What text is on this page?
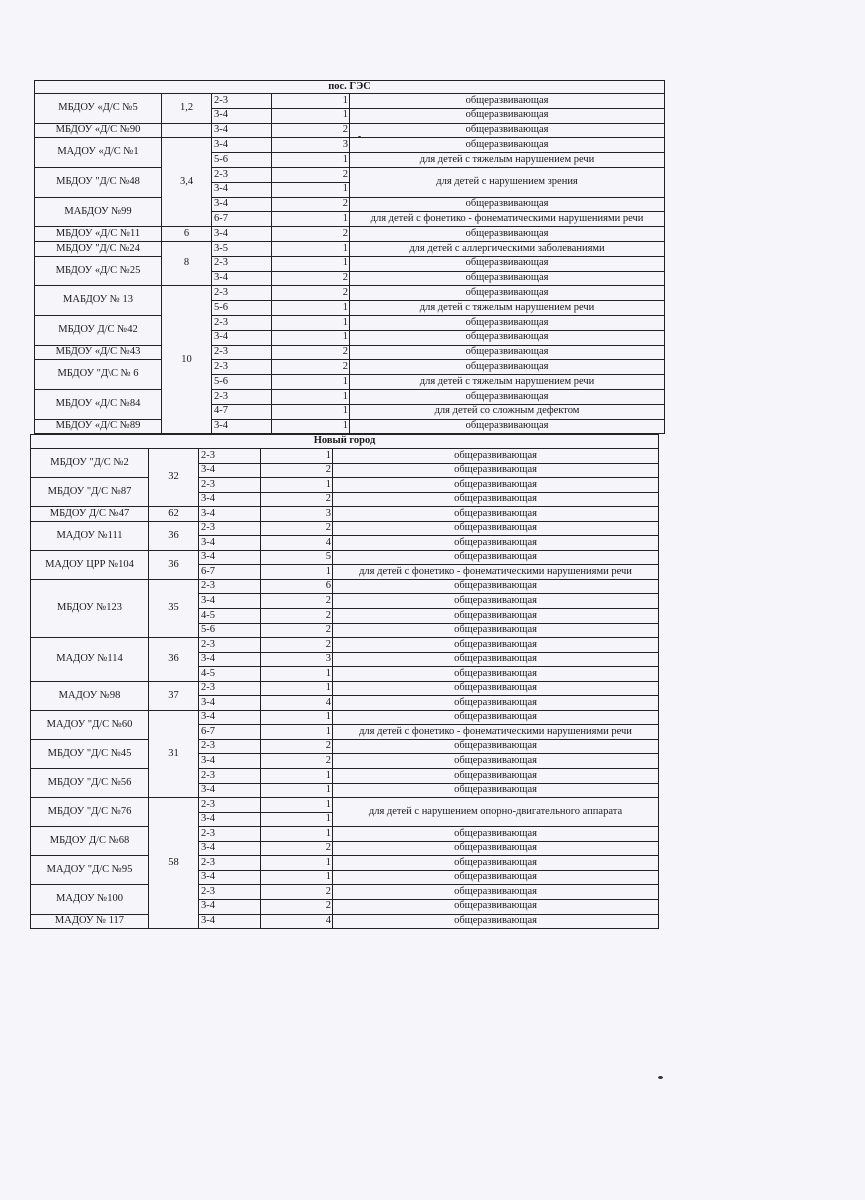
пос. ГЭС				
МБДОУ «Д/С №5	1,2	2-3	1	общеразвивающая
		3-4	1	общеразвивающая
МБДОУ «Д/С №90		3-4	2	общеразвивающая
МАДОУ «Д/С №1	3,4	3-4	3	общеразвивающая
		5-6	1	для детей с тяжелым нарушением речи
МБДОУ "Д/С №48		2-3	2	для детей с нарушением зрения
		3-4	1	
МАБДОУ №99		3-4	2	общеразвивающая
		6-7	1	для детей с фонетико - фонематическими нарушениями речи
МБДОУ «Д/С №11	6	3-4	2	общеразвивающая
МБДОУ "Д/С №24	8	3-5	1	для детей с аллергическими заболеваниями
МБДОУ «Д/С №25		2-3	1	общеразвивающая
		3-4	2	общеразвивающая
МАБДОУ № 13	10	2-3	2	общеразвивающая
		5-6	1	для детей с тяжелым нарушением речи
МБДОУ Д/С №42		2-3	1	общеразвивающая
		3-4	1	общеразвивающая
МБДОУ «Д/С №43		2-3	2	общеразвивающая
МБДОУ "Д\С № 6		2-3	2	общеразвивающая
		5-6	1	для детей с тяжелым нарушением речи
МБДОУ «Д/С №84		2-3	1	общеразвивающая
		4-7	1	для детей со сложным дефектом
МБДОУ «Д/С №89		3-4	1	общеразвивающая
Новый город				
МБДОУ "Д/С №2	32	2-3	1	общеразвивающая
		3-4	2	общеразвивающая
МБДОУ "Д/С №87		2-3	1	общеразвивающая
		3-4	2	общеразвивающая
МБДОУ Д/С №47	62	3-4	3	общеразвивающая
МАДОУ №111	36	2-3	2	общеразвивающая
		3-4	4	общеразвивающая
МАДОУ ЦРР №104	36	3-4	5	общеразвивающая
		6-7	1	для детей с фонетико - фонематическими нарушениями речи
МБДОУ №123	35	2-3	6	общеразвивающая
		3-4	2	общеразвивающая
		4-5	2	общеразвивающая
		5-6	2	общеразвивающая
МАДОУ №114	36	2-3	2	общеразвивающая
		3-4	3	общеразвивающая
		4-5	1	общеразвивающая
МАДОУ №98	37	2-3	1	общеразвивающая
		3-4	4	общеразвивающая
МАДОУ "Д/С №60	31	3-4	1	общеразвивающая
		6-7	1	для детей с фонетико - фонематическими нарушениями речи
МБДОУ "Д/С №45		2-3	2	общеразвивающая
		3-4	2	общеразвивающая
МБДОУ "Д/С №56		2-3	1	общеразвивающая
		3-4	1	общеразвивающая
МБДОУ "Д/С №76	58	2-3	1	для детей с нарушением опорно-двигательного аппарата
		3-4	1	
МБДОУ Д/С №68		2-3	1	общеразвивающая
		3-4	2	общеразвивающая
МАДОУ "Д/С №95		2-3	1	общеразвивающая
		3-4	1	общеразвивающая
МАДОУ №100		2-3	2	общеразвивающая
		3-4	2	общеразвивающая
МАДОУ № 117		3-4	4	общеразвивающая
